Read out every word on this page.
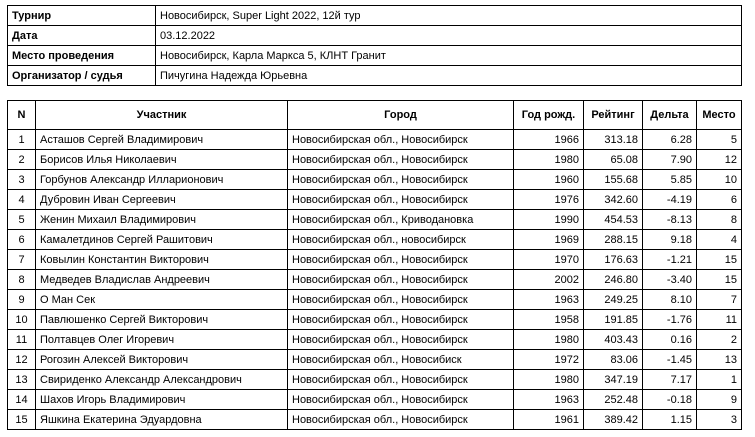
Турнир	Новосибирск, Super Light 2022, 12й тур
Дата	03.12.2022
Место проведения	Новосибирск, Карла Маркса 5, КЛНТ Гранит
Организатор / судья	Пичугина Надежда Юрьевна
N	Участник	Город	Год рожд.	Рейтинг	Дельта	Место
1	Асташов Сергей Владимирович	Новосибирская обл., Новосибирск	1966	313.18	6.28	5
2	Борисов Илья Николаевич	Новосибирская обл., Новосибирск	1980	65.08	7.90	12
3	Горбунов Александр Илларионович	Новосибирская обл., Новосибирск	1960	155.68	5.85	10
4	Дубровин Иван Сергеевич	Новосибирская обл., Новосибирск	1976	342.60	-4.19	6
5	Женин Михаил Владимирович	Новосибирская обл., Криводановка	1990	454.53	-8.13	8
6	Камалетдинов Сергей Рашитович	Новосибирская обл., новосибирск	1969	288.15	9.18	4
7	Ковылин Константин Викторович	Новосибирская обл., Новосибирск	1970	176.63	-1.21	15
8	Медведев Владислав Андреевич	Новосибирская обл., Новосибирск	2002	246.80	-3.40	15
9	О Ман Сек	Новосибирская обл., Новосибирск	1963	249.25	8.10	7
10	Павлюшенко Сергей Викторович	Новосибирская обл., Новосибирск	1958	191.85	-1.76	11
11	Полтавцев Олег Игоревич	Новосибирская обл., Новосибирск	1980	403.43	0.16	2
12	Рогозин Алексей Викторович	Новосибирская обл., Новосибиск	1972	83.06	-1.45	13
13	Свириденко Александр Александрович	Новосибирская обл., Новосибирск	1980	347.19	7.17	1
14	Шахов Игорь Владимирович	Новосибирская обл., Новосибирск	1963	252.48	-0.18	9
15	Яшкина Екатерина Эдуардовна	Новосибирская обл., Новосибирск	1961	389.42	1.15	3
